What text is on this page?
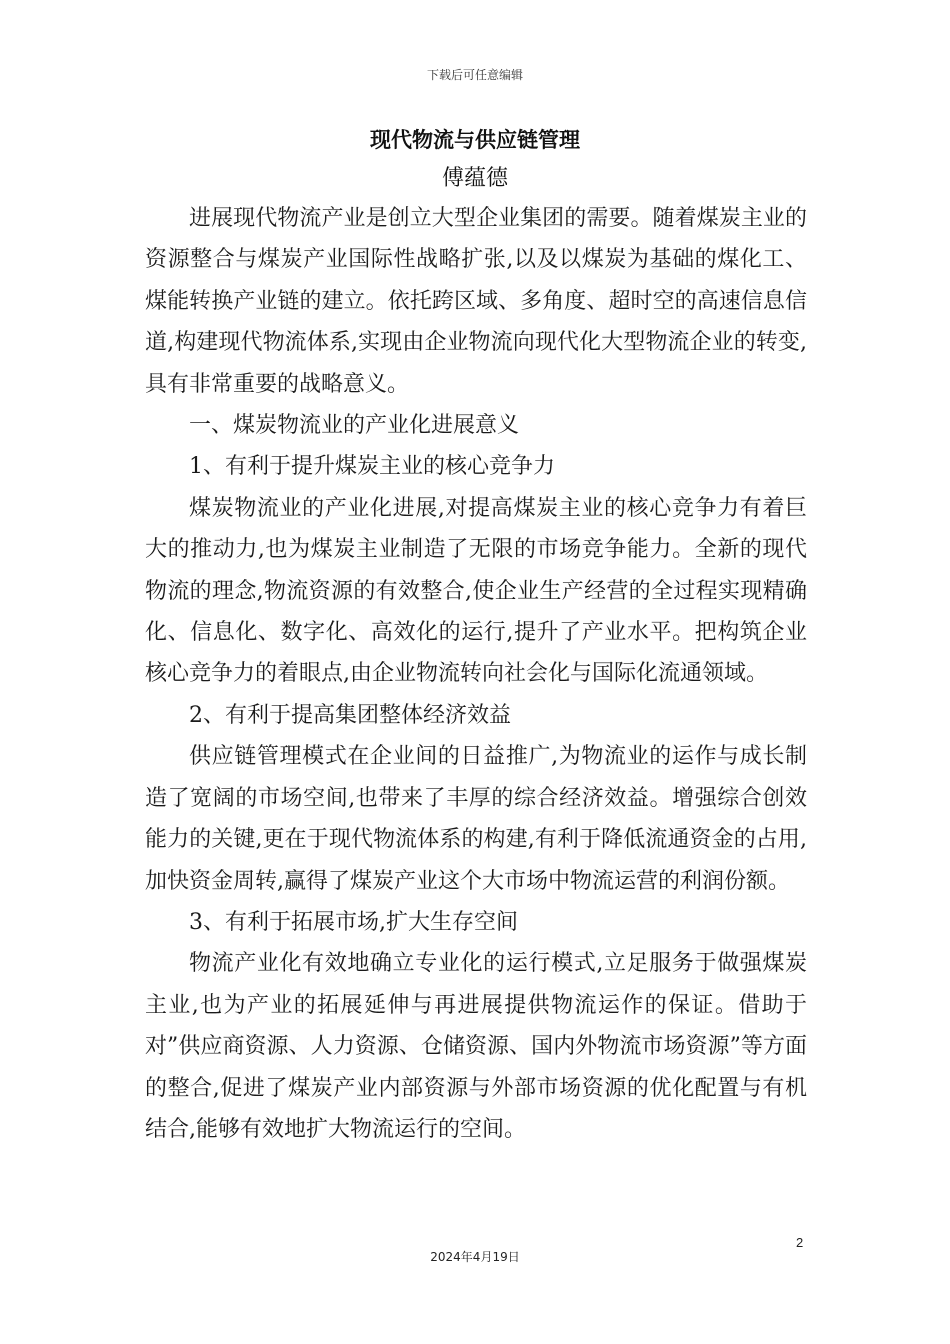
下载后可任意编辑
现代物流与供应链管理
傅蕴德

进展现代物流产业是创立大型企业集团的需要。随着煤炭主业的资源整合与煤炭产业国际性战略扩张,以及以煤炭为基础的煤化工、煤能转换产业链的建立。依托跨区域、多角度、超时空的高速信息信道,构建现代物流体系,实现由企业物流向现代化大型物流企业的转变,具有非常重要的战略意义。

一、煤炭物流业的产业化进展意义

1、有利于提升煤炭主业的核心竞争力

煤炭物流业的产业化进展,对提高煤炭主业的核心竞争力有着巨大的推动力,也为煤炭主业制造了无限的市场竞争能力。全新的现代物流的理念,物流资源的有效整合,使企业生产经营的全过程实现精确化、信息化、数字化、高效化的运行,提升了产业水平。把构筑企业核心竞争力的着眼点,由企业物流转向社会化与国际化流通领域。

2、有利于提高集团整体经济效益

供应链管理模式在企业间的日益推广,为物流业的运作与成长制造了宽阔的市场空间,也带来了丰厚的综合经济效益。增强综合创效能力的关键,更在于现代物流体系的构建,有利于降低流通资金的占用,加快资金周转,赢得了煤炭产业这个大市场中物流运营的利润份额。

3、有利于拓展市场,扩大生存空间

物流产业化有效地确立专业化的运行模式,立足服务于做强煤炭主业,也为产业的拓展延伸与再进展提供物流运作的保证。借助于对”供应商资源、人力资源、仓储资源、国内外物流市场资源”等方面的整合,促进了煤炭产业内部资源与外部市场资源的优化配置与有机结合,能够有效地扩大物流运行的空间。

2
2024年4月19日
